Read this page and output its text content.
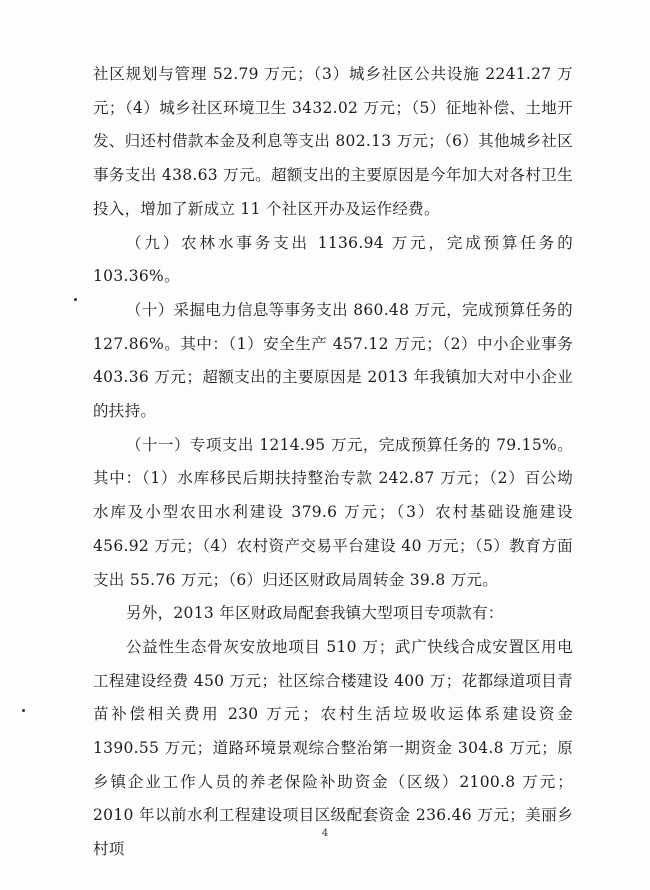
社区规划与管理 52.79 万元；（3）城乡社区公共设施 2241.27 万元；（4）城乡社区环境卫生 3432.02 万元；（5）征地补偿、土地开发、归还村借款本金及利息等支出 802.13 万元；（6）其他城乡社区事务支出 438.63 万元。超额支出的主要原因是今年加大对各村卫生投入，增加了新成立 11 个社区开办及运作经费。

（九）农林水事务支出 1136.94 万元，完成预算任务的 103.36%。

（十）采掘电力信息等事务支出 860.48 万元，完成预算任务的 127.86%。其中：（1）安全生产 457.12 万元；（2）中小企业事务 403.36 万元；超额支出的主要原因是 2013 年我镇加大对中小企业的扶持。

（十一）专项支出 1214.95 万元，完成预算任务的 79.15%。其中：（1）水库移民后期扶持整治专款 242.87 万元；（2）百公坳水库及小型农田水利建设 379.6 万元；（3）农村基础设施建设 456.92 万元；（4）农村资产交易平台建设 40 万元；（5）教育方面支出 55.76 万元；（6）归还区财政局周转金 39.8 万元。

另外，2013 年区财政局配套我镇大型项目专项款有：

公益性生态骨灰安放地项目 510 万；武广快线合成安置区用电工程建设经费 450 万元；社区综合楼建设 400 万；花都绿道项目青苗补偿相关费用 230 万元；农村生活垃圾收运体系建设资金 1390.55 万元；道路环境景观综合整治第一期资金 304.8 万元；原乡镇企业工作人员的养老保险补助资金（区级）2100.8 万元；2010 年以前水利工程建设项目区级配套资金 236.46 万元；美丽乡村项

4
